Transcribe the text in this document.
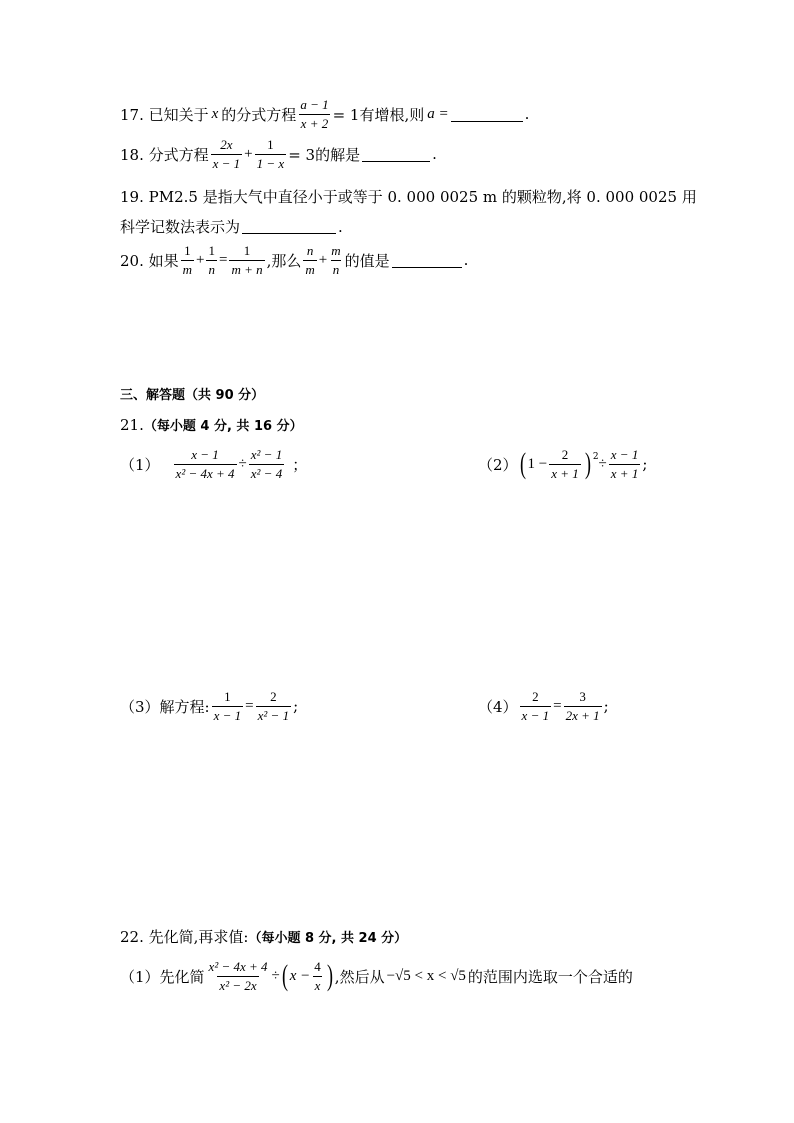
17. 已知关于 x 的分式方程 $\frac{a - 1}{x + 2} = 1$有增根,则 a =	.
18. 分式方程 $\frac{2x}{x - 1} + \frac{1}{1 - x} = 3$的解是	.
19. PM2.5 是指大气中直径小于或等于 0. 000 0025 m 的颗粒物,将 0. 000 0025 用
科学记数法表示为	.
20. 如果 $\frac{1}{m} + \frac{1}{n} = \frac{1}{m + n}$ ,那么 $\frac{n}{m} + \frac{m}{n}$ 的值是	.
三、解答题（共 90 分）
21. （每小题 4 分, 共 16 分）
$(1) \frac{x - 1}{\text{x² − 4x + 4}} \div \frac{\text{x² − 1}}{\text{x² − 4}}$ ；	（2） ( $1 - \frac{2}{x + 1} )^2 \div \frac{x - 1}{x + 1}$ ;
（3）解方程: $\frac{1}{x - 1} = \frac{2}{\text{x² − 1}}$ ;	$(4) \frac{2}{x - 1} = \frac{3}{2x + 1}$ ;
22. 先化简,再求值: （每小题 8 分, 共 24 分）
（1）先化简 $\frac{\text{x² − 4x + 4}}{\text{x² − 2x}}$ ÷ ( $x - \frac{4}{x}$ ) ,然后从 −√5 < x < √5 的范围内选取一个合适的
